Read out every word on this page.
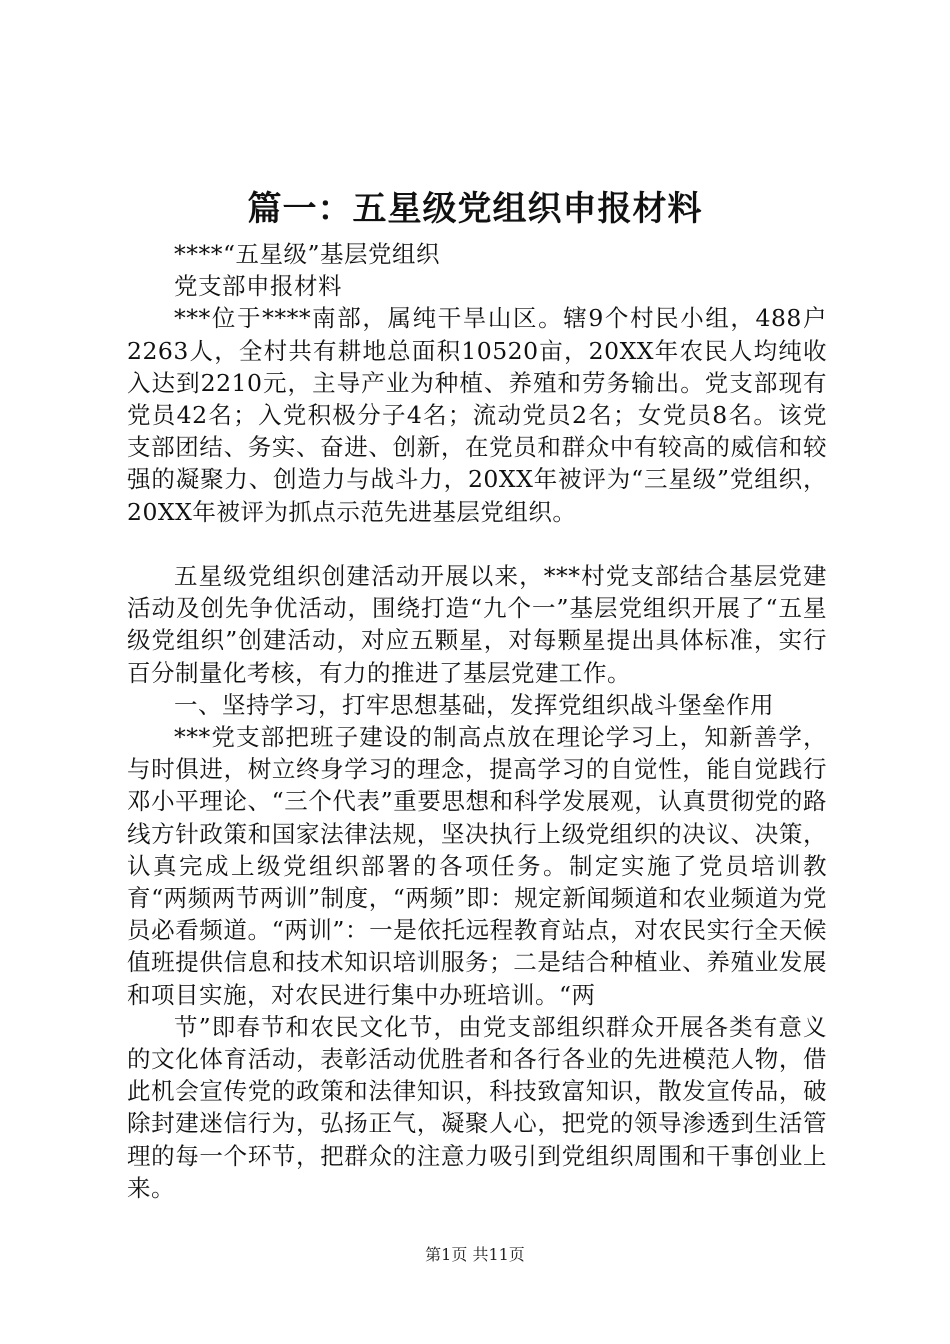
篇一：五星级党组织申报材料

****“五星级”基层党组织

党支部申报材料

***位于****南部，属纯干旱山区。辖9个村民小组，488户2263人，全村共有耕地总面积10520亩，20XX年农民人均纯收入达到2210元，主导产业为种植、养殖和劳务输出。党支部现有党员42名；入党积极分子4名；流动党员2名；女党员8名。该党支部团结、务实、奋进、创新，在党员和群众中有较高的威信和较强的凝聚力、创造力与战斗力，20XX年被评为“三星级”党组织，20XX年被评为抓点示范先进基层党组织。

五星级党组织创建活动开展以来，***村党支部结合基层党建活动及创先争优活动，围绕打造“九个一”基层党组织开展了“五星级党组织”创建活动，对应五颗星，对每颗星提出具体标准，实行百分制量化考核，有力的推进了基层党建工作。

一、坚持学习，打牢思想基础，发挥党组织战斗堡垒作用

***党支部把班子建设的制高点放在理论学习上，知新善学，与时俱进，树立终身学习的理念，提高学习的自觉性，能自觉践行邓小平理论、“三个代表”重要思想和科学发展观，认真贯彻党的路线方针政策和国家法律法规，坚决执行上级党组织的决议、决策，认真完成上级党组织部署的各项任务。制定实施了党员培训教育“两频两节两训”制度，“两频”即：规定新闻频道和农业频道为党员必看频道。“两训”：一是依托远程教育站点，对农民实行全天候值班提供信息和技术知识培训服务；二是结合种植业、养殖业发展和项目实施，对农民进行集中办班培训。“两

节”即春节和农民文化节，由党支部组织群众开展各类有意义的文化体育活动，表彰活动优胜者和各行各业的先进模范人物，借此机会宣传党的政策和法律知识，科技致富知识，散发宣传品，破除封建迷信行为，弘扬正气，凝聚人心，把党的领导渗透到生活管理的每一个环节，把群众的注意力吸引到党组织周围和干事创业上来。

第1页 共11页
